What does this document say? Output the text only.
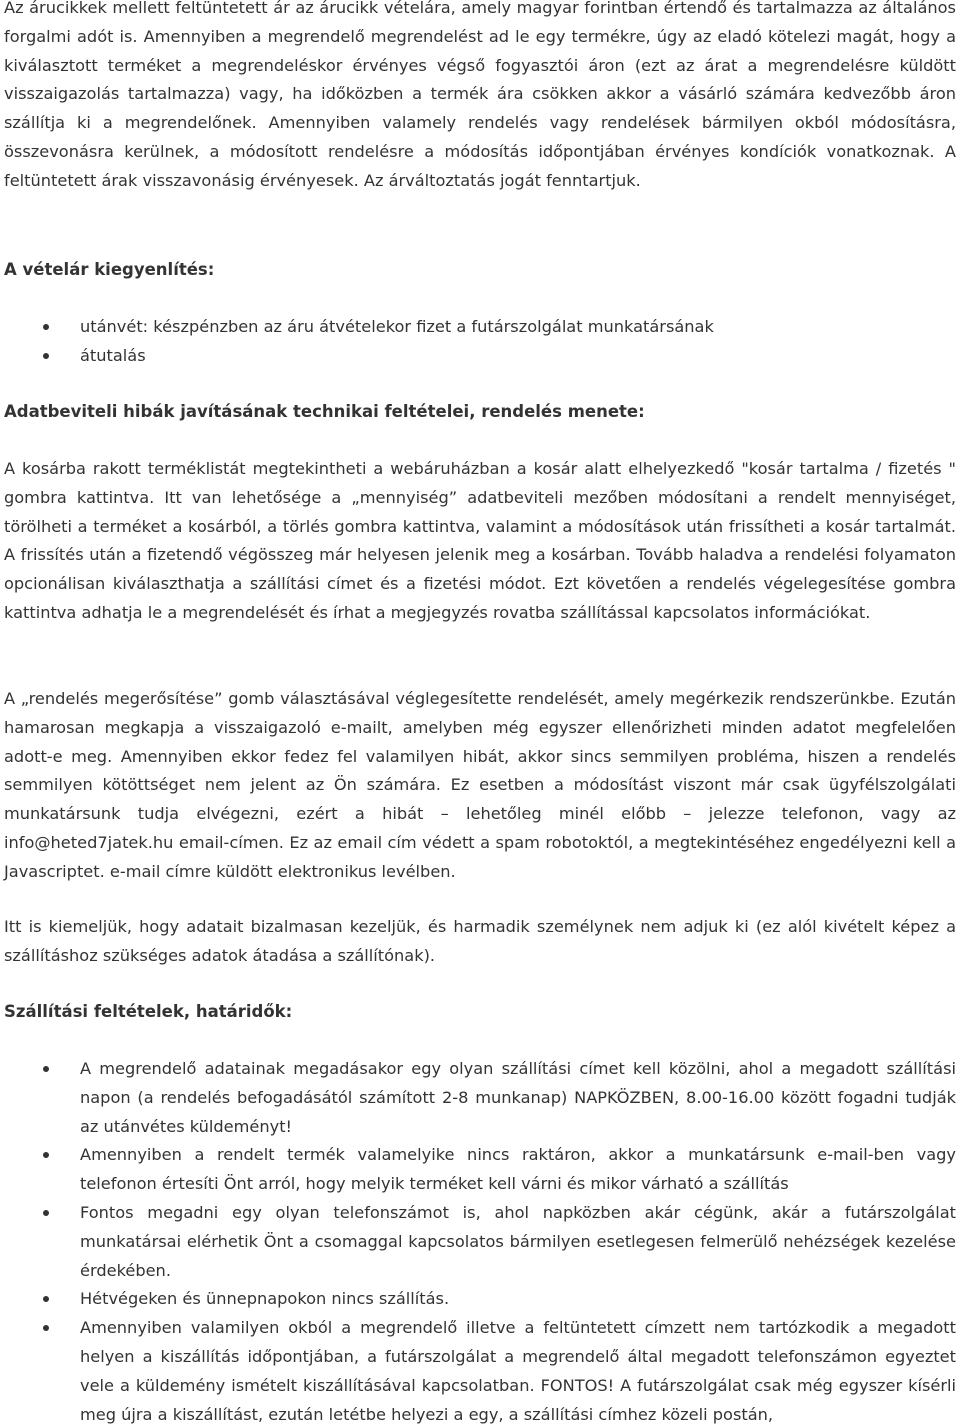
Az árucikkek mellett feltüntetett ár az árucikk vételára, amely magyar forintban értendő és tartalmazza az általános forgalmi adót is. Amennyiben a megrendelő megrendelést ad le egy termékre, úgy az eladó kötelezi magát, hogy a kiválasztott terméket a megrendeléskor érvényes végső fogyasztói áron (ezt az árat a megrendelésre küldött visszaigazolás tartalmazza) vagy, ha időközben a termék ára csökken akkor a vásárló számára kedvezőbb áron szállítja ki a megrendelőnek. Amennyiben valamely rendelés vagy rendelések bármilyen okból módosításra, összevonásra kerülnek, a módosított rendelésre a módosítás időpontjában érvényes kondíciók vonatkoznak. A feltüntetett árak visszavonásig érvényesek. Az árváltoztatás jogát fenntartjuk.

A vételár kiegyenlítés:
utánvét: készpénzben az áru átvételekor fizet a futárszolgálat munkatársának
átutalás
Adatbeviteli hibák javításának technikai feltételei, rendelés menete:

A kosárba rakott terméklistát megtekintheti a webáruházban a kosár alatt elhelyezkedő "kosár tartalma / fizetés " gombra kattintva. Itt van lehetősége a „mennyiség” adatbeviteli mezőben módosítani a rendelt mennyiséget, törölheti a terméket a kosárból, a törlés gombra kattintva, valamint a módosítások után frissítheti a kosár tartalmát. A frissítés után a fizetendő végösszeg már helyesen jelenik meg a kosárban. Tovább haladva a rendelési folyamaton opcionálisan kiválaszthatja a szállítási címet és a fizetési módot. Ezt követően a rendelés végelegesítése gombra kattintva adhatja le a megrendelését és írhat a megjegyzés rovatba szállítással kapcsolatos információkat.

A „rendelés megerősítése” gomb választásával véglegesítette rendelését, amely megérkezik rendszerünkbe. Ezután hamarosan megkapja a visszaigazoló e-mailt, amelyben még egyszer ellenőrizheti minden adatot megfelelően adott-e meg. Amennyiben ekkor fedez fel valamilyen hibát, akkor sincs semmilyen probléma, hiszen a rendelés semmilyen kötöttséget nem jelent az Ön számára. Ez esetben a módosítást viszont már csak ügyfélszolgálati munkatársunk tudja elvégezni, ezért a hibát – lehetőleg minél előbb – jelezze telefonon, vagy az info@heted7jatek.hu email-címen. Ez az email cím védett a spam robotoktól, a megtekintéséhez engedélyezni kell a Javascriptet. e-mail címre küldött elektronikus levélben.

Itt is kiemeljük, hogy adatait bizalmasan kezeljük, és harmadik személynek nem adjuk ki (ez alól kivételt képez a szállításhoz szükséges adatok átadása a szállítónak).

Szállítási feltételek, határidők:
A megrendelő adatainak megadásakor egy olyan szállítási címet kell közölni, ahol a megadott szállítási napon (a rendelés befogadásától számított 2-8 munkanap) NAPKÖZBEN, 8.00-16.00 között fogadni tudják az utánvétes küldeményt!
Amennyiben a rendelt termék valamelyike nincs raktáron, akkor a munkatársunk e-mail-ben vagy telefonon értesíti Önt arról, hogy melyik terméket kell várni és mikor várható a szállítás
Fontos megadni egy olyan telefonszámot is, ahol napközben akár cégünk, akár a futárszolgálat munkatársai elérhetik Önt a csomaggal kapcsolatos bármilyen esetlegesen felmerülő nehézségek kezelése érdekében.
Hétvégeken és ünnepnapokon nincs szállítás.
Amennyiben valamilyen okból a megrendelő illetve a feltüntetett címzett nem tartózkodik a megadott helyen a kiszállítás időpontjában, a futárszolgálat a megrendelő által megadott telefonszámon egyeztet vele a küldemény ismételt kiszállításával kapcsolatban. FONTOS! A futárszolgálat csak még egyszer kísérli meg újra a kiszállítást, ezután letétbe helyezi a egy, a szállítási címhez közeli postán,
